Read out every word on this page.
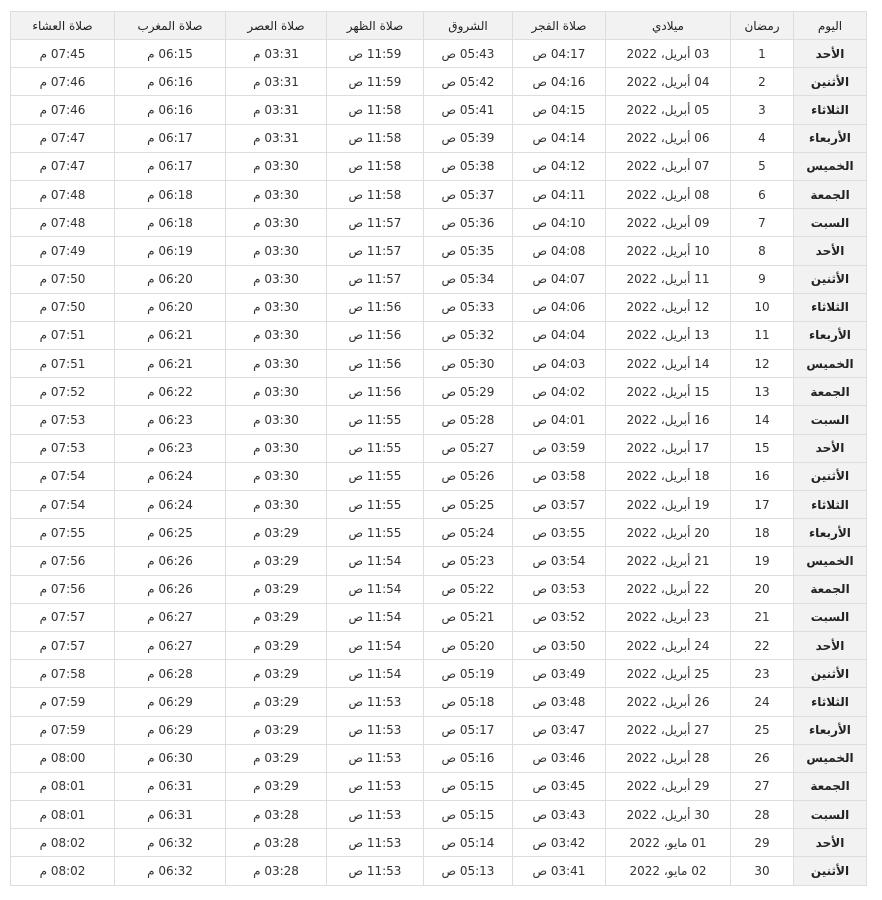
اليوم	رمضان	ميلادي	صلاة الفجر	الشروق	صلاة الظهر	صلاة العصر	صلاة المغرب	صلاة العشاء
الأحد	1	03 أبريل، 2022	04:17 ص	05:43 ص	11:59 ص	03:31 م	06:15 م	07:45 م
الأثنين	2	04 أبريل، 2022	04:16 ص	05:42 ص	11:59 ص	03:31 م	06:16 م	07:46 م
الثلاثاء	3	05 أبريل، 2022	04:15 ص	05:41 ص	11:58 ص	03:31 م	06:16 م	07:46 م
الأربعاء	4	06 أبريل، 2022	04:14 ص	05:39 ص	11:58 ص	03:31 م	06:17 م	07:47 م
الخميس	5	07 أبريل، 2022	04:12 ص	05:38 ص	11:58 ص	03:30 م	06:17 م	07:47 م
الجمعة	6	08 أبريل، 2022	04:11 ص	05:37 ص	11:58 ص	03:30 م	06:18 م	07:48 م
السبت	7	09 أبريل، 2022	04:10 ص	05:36 ص	11:57 ص	03:30 م	06:18 م	07:48 م
الأحد	8	10 أبريل، 2022	04:08 ص	05:35 ص	11:57 ص	03:30 م	06:19 م	07:49 م
الأثنين	9	11 أبريل، 2022	04:07 ص	05:34 ص	11:57 ص	03:30 م	06:20 م	07:50 م
الثلاثاء	10	12 أبريل، 2022	04:06 ص	05:33 ص	11:56 ص	03:30 م	06:20 م	07:50 م
الأربعاء	11	13 أبريل، 2022	04:04 ص	05:32 ص	11:56 ص	03:30 م	06:21 م	07:51 م
الخميس	12	14 أبريل، 2022	04:03 ص	05:30 ص	11:56 ص	03:30 م	06:21 م	07:51 م
الجمعة	13	15 أبريل، 2022	04:02 ص	05:29 ص	11:56 ص	03:30 م	06:22 م	07:52 م
السبت	14	16 أبريل، 2022	04:01 ص	05:28 ص	11:55 ص	03:30 م	06:23 م	07:53 م
الأحد	15	17 أبريل، 2022	03:59 ص	05:27 ص	11:55 ص	03:30 م	06:23 م	07:53 م
الأثنين	16	18 أبريل، 2022	03:58 ص	05:26 ص	11:55 ص	03:30 م	06:24 م	07:54 م
الثلاثاء	17	19 أبريل، 2022	03:57 ص	05:25 ص	11:55 ص	03:30 م	06:24 م	07:54 م
الأربعاء	18	20 أبريل، 2022	03:55 ص	05:24 ص	11:55 ص	03:29 م	06:25 م	07:55 م
الخميس	19	21 أبريل، 2022	03:54 ص	05:23 ص	11:54 ص	03:29 م	06:26 م	07:56 م
الجمعة	20	22 أبريل، 2022	03:53 ص	05:22 ص	11:54 ص	03:29 م	06:26 م	07:56 م
السبت	21	23 أبريل، 2022	03:52 ص	05:21 ص	11:54 ص	03:29 م	06:27 م	07:57 م
الأحد	22	24 أبريل، 2022	03:50 ص	05:20 ص	11:54 ص	03:29 م	06:27 م	07:57 م
الأثنين	23	25 أبريل، 2022	03:49 ص	05:19 ص	11:54 ص	03:29 م	06:28 م	07:58 م
الثلاثاء	24	26 أبريل، 2022	03:48 ص	05:18 ص	11:53 ص	03:29 م	06:29 م	07:59 م
الأربعاء	25	27 أبريل، 2022	03:47 ص	05:17 ص	11:53 ص	03:29 م	06:29 م	07:59 م
الخميس	26	28 أبريل، 2022	03:46 ص	05:16 ص	11:53 ص	03:29 م	06:30 م	08:00 م
الجمعة	27	29 أبريل، 2022	03:45 ص	05:15 ص	11:53 ص	03:29 م	06:31 م	08:01 م
السبت	28	30 أبريل، 2022	03:43 ص	05:15 ص	11:53 ص	03:28 م	06:31 م	08:01 م
الأحد	29	01 مايو، 2022	03:42 ص	05:14 ص	11:53 ص	03:28 م	06:32 م	08:02 م
الأثنين	30	02 مايو، 2022	03:41 ص	05:13 ص	11:53 ص	03:28 م	06:32 م	08:02 م
